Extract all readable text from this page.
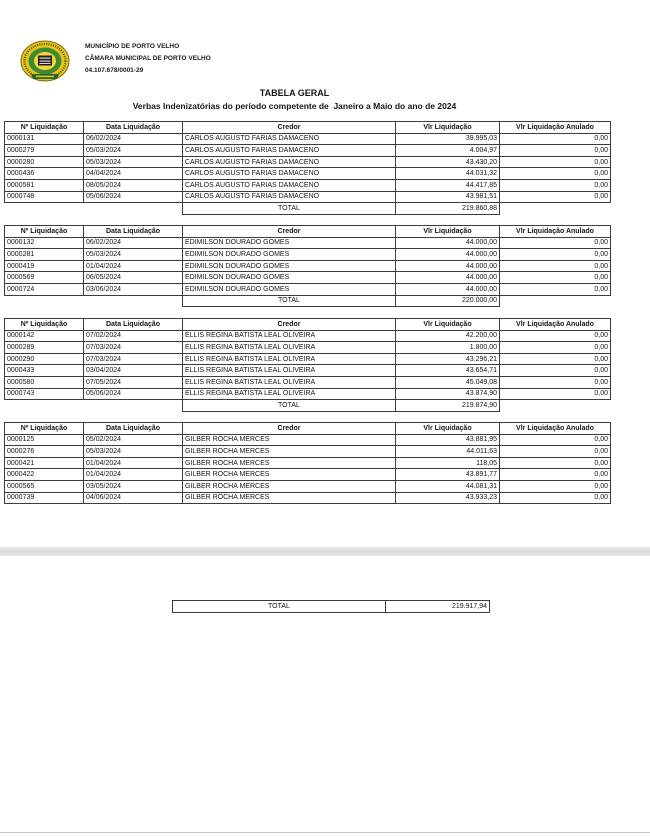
MUNICÍPIO DE PORTO VELHO
CÂMARA MUNICIPAL DE PORTO VELHO
04.107.678/0001-29
TABELA GERAL
Verbas Indenizatórias do período competente de  Janeiro a Maio do ano de 2024
Nº Liquidação	Data Liquidação	Credor	Vlr Liquidação	Vlr Liquidação Anulado
0000131	06/02/2024	CARLOS AUGUSTO FARIAS DAMACENO	39.995,03	0,00
0000279	05/03/2024	CARLOS AUGUSTO FARIAS DAMACENO	4.004,97	0,00
0000280	05/03/2024	CARLOS AUGUSTO FARIAS DAMACENO	43.430,20	0,00
0000436	04/04/2024	CARLOS AUGUSTO FARIAS DAMACENO	44.031,32	0,00
0000581	08/05/2024	CARLOS AUGUSTO FARIAS DAMACENO	44.417,85	0,00
0000748	05/06/2024	CARLOS AUGUSTO FARIAS DAMACENO	43.981,51	0,00
		TOTAL	219.860,88	
Nº Liquidação	Data Liquidação	Credor	Vlr Liquidação	Vlr Liquidação Anulado
0000132	06/02/2024	EDIMILSON DOURADO GOMES	44.000,00	0,00
0000281	05/03/2024	EDIMILSON DOURADO GOMES	44.000,00	0,00
0000419	01/04/2024	EDIMILSON DOURADO GOMES	44.000,00	0,00
0000569	06/05/2024	EDIMILSON DOURADO GOMES	44.000,00	0,00
0000724	03/06/2024	EDIMILSON DOURADO GOMES	44.000,00	0,00
		TOTAL	220.000,00	
Nº Liquidação	Data Liquidação	Credor	Vlr Liquidação	Vlr Liquidação Anulado
0000142	07/02/2024	ELLIS REGINA BATISTA LEAL OLIVEIRA	42.200,00	0,00
0000289	07/03/2024	ELLIS REGINA BATISTA LEAL OLIVEIRA	1.800,00	0,00
0000290	07/03/2024	ELLIS REGINA BATISTA LEAL OLIVEIRA	43.296,21	0,00
0000433	03/04/2024	ELLIS REGINA BATISTA LEAL OLIVEIRA	43.654,71	0,00
0000580	07/05/2024	ELLIS REGINA BATISTA LEAL OLIVEIRA	45.049,08	0,00
0000743	05/06/2024	ELLIS REGINA BATISTA LEAL OLIVEIRA	43.874,90	0,00
		TOTAL	219.874,90	
Nº Liquidação	Data Liquidação	Credor	Vlr Liquidação	Vlr Liquidação Anulado
0000125	05/02/2024	GILBER ROCHA MERCES	43.881,95	0,00
0000276	05/03/2024	GILBER ROCHA MERCES	44.011,63	0,00
0000421	01/04/2024	GILBER ROCHA MERCES	118,05	0,00
0000422	01/04/2024	GILBER ROCHA MERCES	43.891,77	0,00
0000565	03/05/2024	GILBER ROCHA MERCES	44.081,31	0,00
0000739	04/06/2024	GILBER ROCHA MERCES	43.933,23	0,00
TOTAL	219.917,94
